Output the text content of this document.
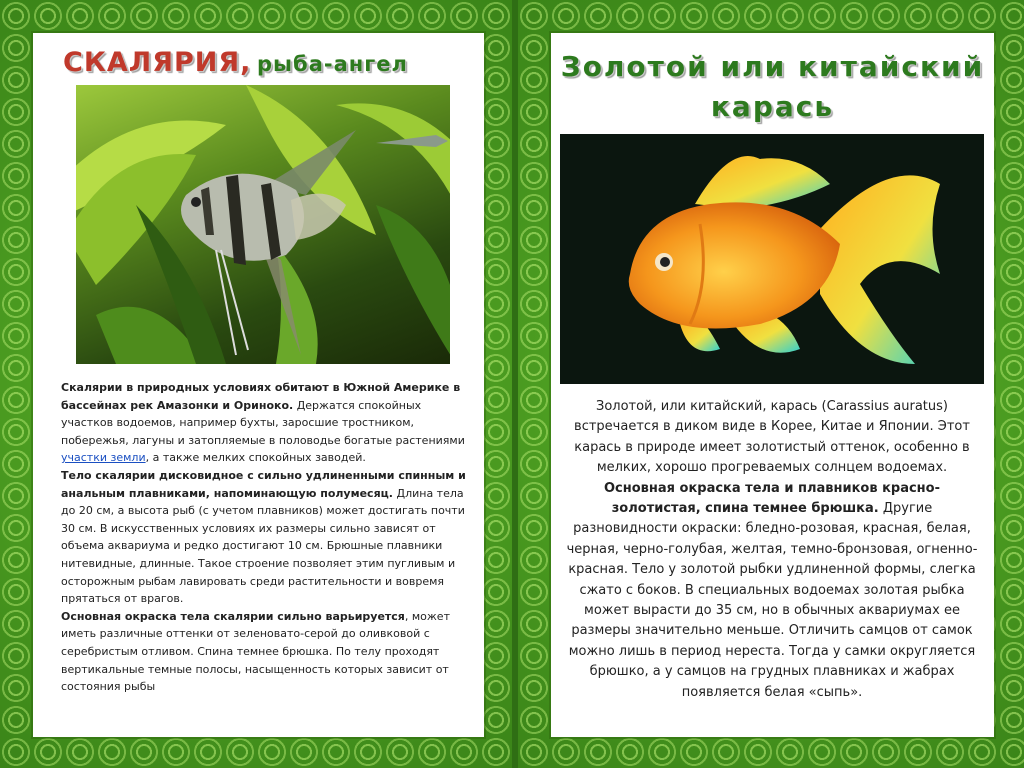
СКАЛЯРИЯ, рыба-ангел

Скалярии в природных условиях обитают в Южной Америке в бассейнах рек Амазонки и Ориноко. Держатся спокойных участков водоемов, например бухты, заросшие тростником, побережья, лагуны и затопляемые в половодье богатые растениями участки земли, а также мелких спокойных заводей.

Тело скалярии дисковидное с сильно удлиненными спинным и анальным плавниками, напоминающую полумесяц. Длина тела до 20 см, а высота рыб (с учетом плавников) может достигать почти 30 см. В искусственных условиях их размеры сильно зависят от объема аквариума и редко достигают 10 см. Брюшные плавники нитевидные, длинные. Такое строение позволяет этим пугливым и осторожным рыбам лавировать среди растительности и вовремя прятаться от врагов.

Основная окраска тела скалярии сильно варьируется, может иметь различные оттенки от зеленовато-серой до оливковой с серебристым отливом. Спина темнее брюшка. По телу проходят вертикальные темные полосы, насыщенность которых зависит от состояния рыбы

Золотой или китайский
карась

Золотой, или китайский, карась (Carassius auratus) встречается в диком виде в Корее, Китае и Японии. Этот карась в природе имеет золотистый оттенок, особенно в мелких, хорошо прогреваемых солнцем водоемах.

Основная окраска тела и плавников красно-золотистая, спина темнее брюшка. Другие разновидности окраски: бледно-розовая, красная, белая, черная, черно-голубая, желтая, темно-бронзовая, огненно-красная. Тело у золотой рыбки удлиненной формы, слегка сжато с боков. В специальных водоемах золотая рыбка может вырасти до 35 см, но в обычных аквариумах ее размеры значительно меньше. Отличить самцов от самок можно лишь в период нереста. Тогда у самки округляется брюшко, а у самцов на грудных плавниках и жабрах появляется белая «сыпь».
